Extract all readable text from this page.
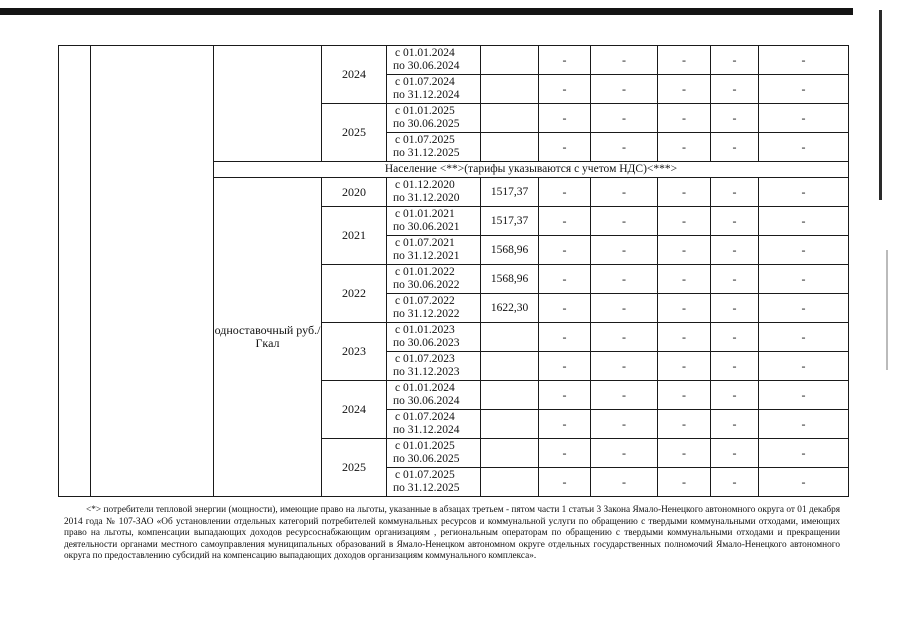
			2024	с 01.01.2024
по 30.06.2024		-	-	-	-	-

				с 01.07.2024
по 31.12.2024		-	-	-	-	-
			2025	с 01.01.2025
по 30.06.2025		-	-	-	-	-

				с 01.07.2025
по 31.12.2025		-	-	-	-	-
		Население <**>(тарифы указываются с учетом НДС)<***>								
		одноставочный руб./Гкал	2020	с 01.12.2020
по 31.12.2020	1517,37	-	-	-	-	-
			2021	с 01.01.2021
по 30.06.2021	1517,37	-	-	-	-	-

				с 01.07.2021
по 31.12.2021	1568,96	-	-	-	-	-
			2022	с 01.01.2022
по 30.06.2022	1568,96	-	-	-	-	-

				с 01.07.2022
по 31.12.2022	1622,30	-	-	-	-	-
			2023	с 01.01.2023
по 30.06.2023		-	-	-	-	-

				с 01.07.2023
по 31.12.2023		-	-	-	-	-
			2024	с 01.01.2024
по 30.06.2024		-	-	-	-	-

				с 01.07.2024
по 31.12.2024		-	-	-	-	-
			2025	с 01.01.2025
по 30.06.2025		-	-	-	-	-

				с 01.07.2025
по 31.12.2025		-	-	-	-	-
<*> потребители тепловой энергии (мощности), имеющие право на льготы, указанные в абзацах третьем - пятом части 1 статьи 3 Закона Ямало-Ненецкого автономного округа от 01 декабря 2014 года № 107-ЗАО «Об установлении отдельных категорий потребителей коммунальных ресурсов и коммунальной услуги по обращению с твердыми коммунальными отходами, имеющих право на льготы, компенсации выпадающих доходов ресурсоснабжающим организациям , региональным операторам по обращению с твердыми коммунальными отходами и прекращении деятельности органами местного самоуправления муниципальных образований в Ямало-Ненецком автономном округе отдельных государственных полномочий Ямало-Ненецкого автономного округа по предоставлению субсидий на компенсацию выпадающих доходов организациям коммунального комплекса».
